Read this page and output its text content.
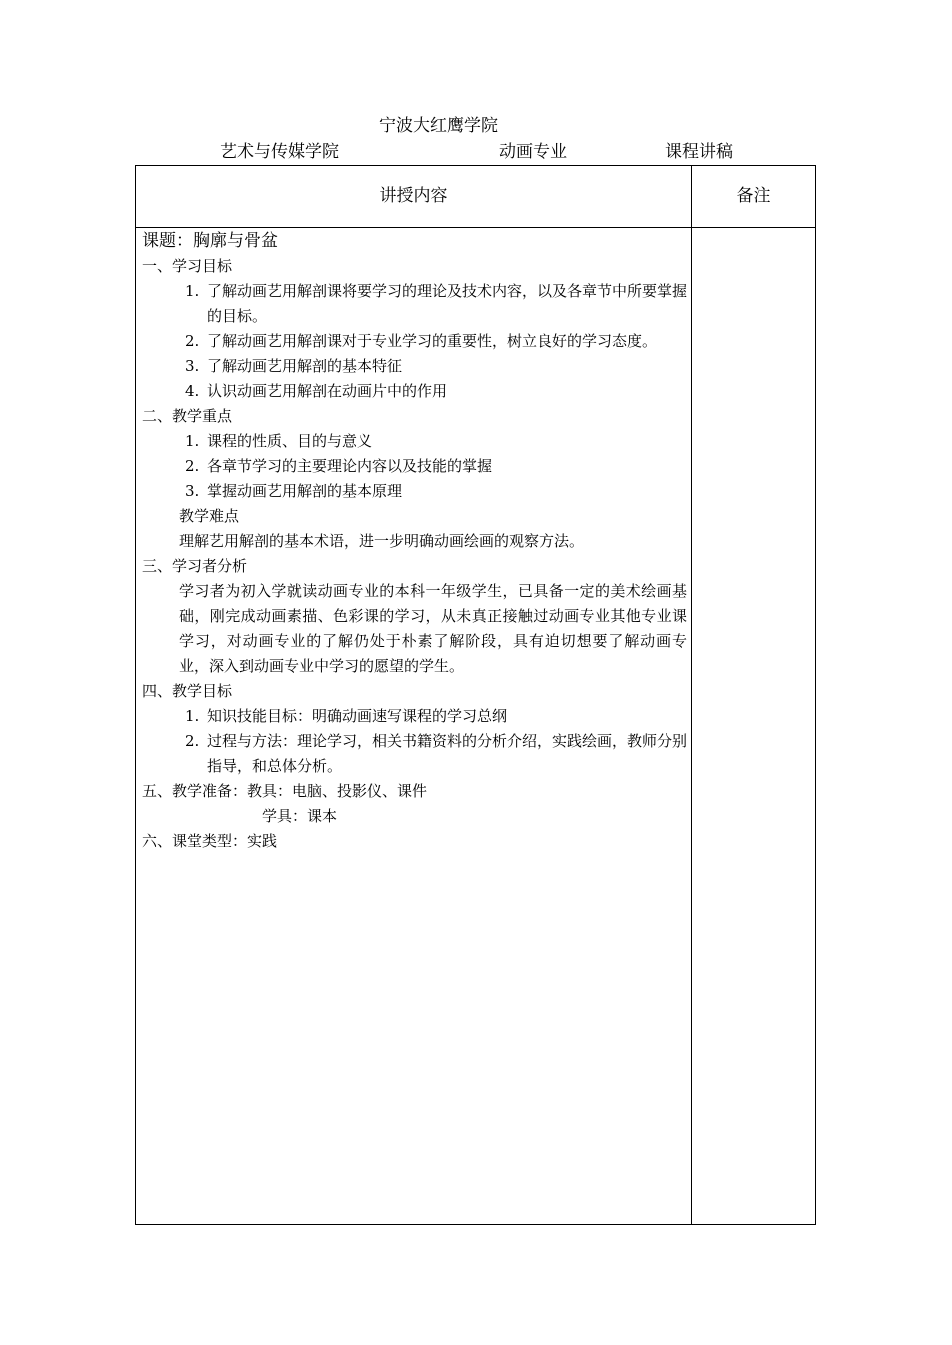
宁波大红鹰学院
艺术与传媒学院	动画专业	课程讲稿
讲授内容	备注
课题：胸廓与骨盆
一、学习目标
1. 了解动画艺用解剖课将要学习的理论及技术内容，以及各章节中所要掌握的目标。
2. 了解动画艺用解剖课对于专业学习的重要性，树立良好的学习态度。
3. 了解动画艺用解剖的基本特征
4. 认识动画艺用解剖在动画片中的作用
二、教学重点
1. 课程的性质、目的与意义
2. 各章节学习的主要理论内容以及技能的掌握
3. 掌握动画艺用解剖的基本原理
教学难点
理解艺用解剖的基本术语，进一步明确动画绘画的观察方法。
三、学习者分析
学习者为初入学就读动画专业的本科一年级学生，已具备一定的美术绘画基础，刚完成动画素描、色彩课的学习，从未真正接触过动画专业其他专业课学习，对动画专业的了解仍处于朴素了解阶段，具有迫切想要了解动画专业，深入到动画专业中学习的愿望的学生。
四、教学目标
1. 知识技能目标：明确动画速写课程的学习总纲
2. 过程与方法：理论学习，相关书籍资料的分析介绍，实践绘画，教师分别指导，和总体分析。
五、教学准备：教具：电脑、投影仪、课件
学具：课本
六、课堂类型：实践
